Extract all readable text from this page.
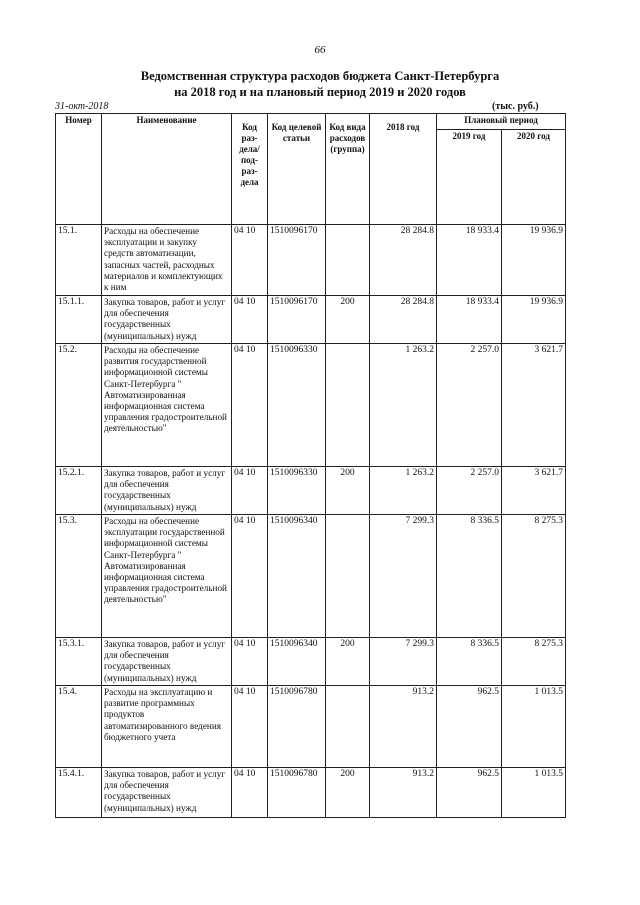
66
Ведомственная структура расходов бюджета Санкт-Петербурга
на 2018 год и на плановый период 2019 и 2020 годов
31-окт-2018	(тыс. руб.)
Номер	Наименование	Код раз- дела/ под- раз- дела	Код целевой статьи	Код вида расходов (группа)	2018 год	Плановый период	
						2019 год	2020 год
15.1.	Расходы на обеспечение эксплуатации и закупку средств автоматизации, запасных частей, расходных материалов и комплектующих к ним	04 10	1510096170		28 284.8	18 933.4	19 936.9
15.1.1.	Закупка товаров, работ и услуг для обеспечения государственных (муниципальных) нужд	04 10	1510096170	200	28 284.8	18 933.4	19 936.9
15.2.	Расходы на обеспечение развития государственной информационной системы Санкт-Петербурга " Автоматизированная информационная система управления градостроительной деятельностью"	04 10	1510096330		1 263.2	2 257.0	3 621.7
15.2.1.	Закупка товаров, работ и услуг для обеспечения государственных (муниципальных) нужд	04 10	1510096330	200	1 263.2	2 257.0	3 621.7
15.3.	Расходы на обеспечение эксплуатации государственной информационной системы Санкт-Петербурга " Автоматизированная информационная система управления градостроительной деятельностью"	04 10	1510096340		7 299.3	8 336.5	8 275.3
15.3.1.	Закупка товаров, работ и услуг для обеспечения государственных (муниципальных) нужд	04 10	1510096340	200	7 299.3	8 336.5	8 275.3
15.4.	Расходы на эксплуатацию и развитие программных продуктов автоматизированного ведения бюджетного учета	04 10	1510096780		913.2	962.5	1 013.5
15.4.1.	Закупка товаров, работ и услуг для обеспечения государственных (муниципальных) нужд	04 10	1510096780	200	913.2	962.5	1 013.5
